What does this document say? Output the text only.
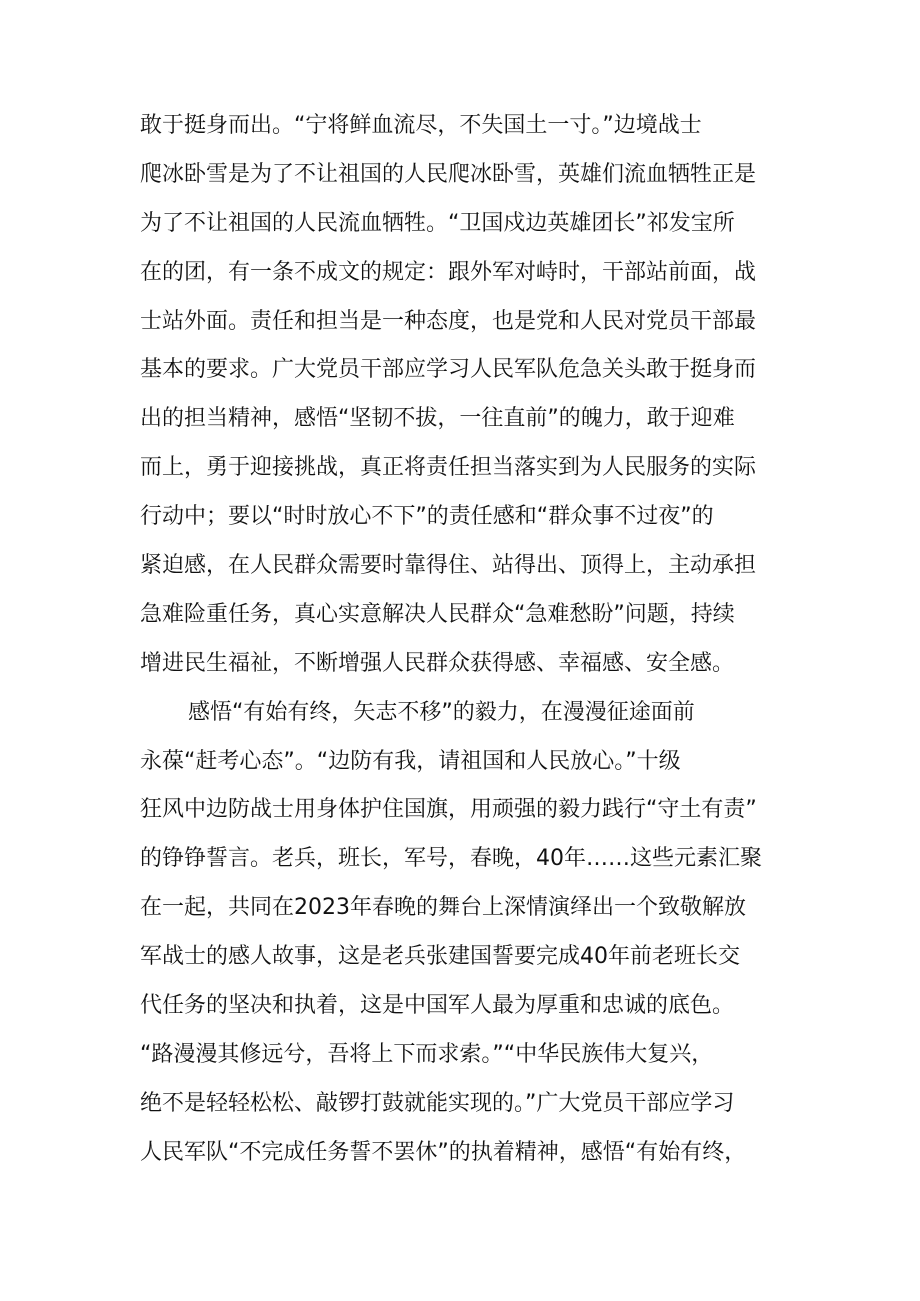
敢于挺身而出。“宁将鲜血流尽，不失国土一寸。”边境战士
爬冰卧雪是为了不让祖国的人民爬冰卧雪，英雄们流血牺牲正是
为了不让祖国的人民流血牺牲。“卫国戍边英雄团长”祁发宝所
在的团，有一条不成文的规定：跟外军对峙时，干部站前面，战
士站外面。责任和担当是一种态度，也是党和人民对党员干部最
基本的要求。广大党员干部应学习人民军队危急关头敢于挺身而
出的担当精神，感悟“坚韧不拔，一往直前”的魄力，敢于迎难
而上，勇于迎接挑战，真正将责任担当落实到为人民服务的实际
行动中；要以“时时放心不下”的责任感和“群众事不过夜”的
紧迫感，在人民群众需要时靠得住、站得出、顶得上，主动承担
急难险重任务，真心实意解决人民群众“急难愁盼”问题，持续
增进民生福祉，不断增强人民群众获得感、幸福感、安全感。
感悟“有始有终，矢志不移”的毅力，在漫漫征途面前
永葆“赶考心态”。“边防有我，请祖国和人民放心。”十级
狂风中边防战士用身体护住国旗，用顽强的毅力践行“守土有责”
的铮铮誓言。老兵，班长，军号，春晚，40年……这些元素汇聚
在一起，共同在2023年春晚的舞台上深情演绎出一个致敬解放
军战士的感人故事，这是老兵张建国誓要完成40年前老班长交
代任务的坚决和执着，这是中国军人最为厚重和忠诚的底色。
“路漫漫其修远兮，吾将上下而求索。”“中华民族伟大复兴，
绝不是轻轻松松、敲锣打鼓就能实现的。”广大党员干部应学习
人民军队“不完成任务誓不罢休”的执着精神，感悟“有始有终，
